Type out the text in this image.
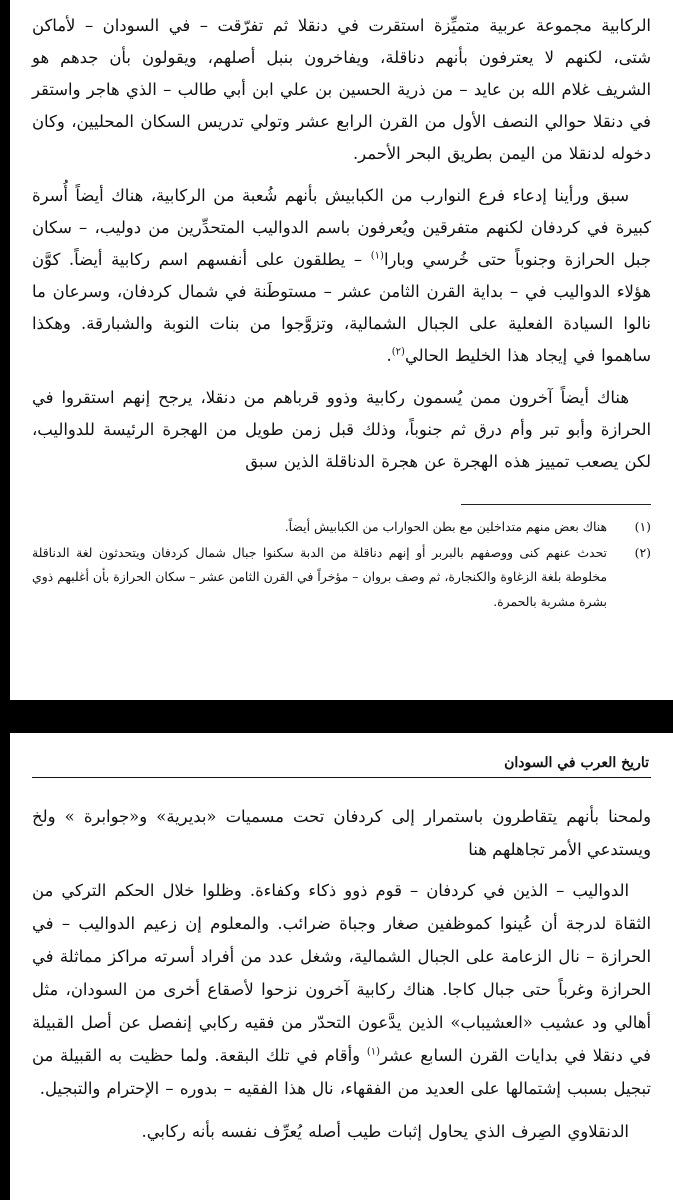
الركابية مجموعة عربية متميِّزة استقرت في دنقلا ثم تفرّقت – في السودان – لأماكن شتى، لكنهم لا يعترفون بأنهم دناقلة، ويفاخرون بنبل أصلهم، ويقولون بأن جدهم هو الشريف غلام الله بن عايد – من ذرية الحسين بن علي ابن أبي طالب – الذي هاجر واستقر في دنقلا حوالي النصف الأول من القرن الرابع عشر وتولي تدريس السكان المحليين، وكان دخوله لدنقلا من اليمن بطريق البحر الأحمر.

سبق ورأينا إدعاء فرع النوارب من الكبابيش بأنهم شُعبة من الركابية، هناك أيضاً أُسرة كبيرة في كردفان لكنهم متفرقين ويُعرفون باسم الدواليب المتحدِّرين من دوليب، – سكان جبل الحرازة وجنوباً حتى خُرسي وبارا$^{(١)}$ – يطلقون على أنفسهم اسم ركابية أيضاً. كوَّن هؤلاء الدواليب في – بداية القرن الثامن عشر – مستوطَنة في شمال كردفان، وسرعان ما نالوا السيادة الفعلية على الجبال الشمالية، وتزوَّجوا من بنات النوبة والشبارقة. وهكذا ساهموا في إيجاد هذا الخليط الحالي$^{(٢)}$.

هناك أيضاً آخرون ممن يُسمون ركابية وذوو قرباهم من دنقلا، يرجح إنهم استقروا في الحرازة وأبو تبر وأم درق ثم جنوباً، وذلك قبل زمن طويل من الهجرة الرئيسة للدواليب، لكن يصعب تمييز هذه الهجرة عن هجرة الدناقلة الذين سبق

(١)
هناك بعض منهم متداخلين مع بطن الحواراب من الكبابيش أيضاً.
(٢)
تحدث عنهم كنى ووصفهم بالبربر أو إنهم دناقلة من الدبة سكنوا جبال شمال كردفان ويتحدثون لغة الدناقلة مخلوطة بلغة الزغاوة والكنجارة، ثم وصف بروان – مؤخراً في القرن الثامن عشر – سكان الحرازة بأن أغلبهم ذوي بشرة مشربة بالحمرة.
تاريخ العرب في السودان

ولمحنا بأنهم يتقاطرون باستمرار إلى كردفان تحت مسميات «بديرية» و«جوابرة » ولخ ويستدعي الأمر تجاهلهم هنا

الدواليب – الذين في كردفان – قوم ذوو ذكاء وكفاءة. وظلوا خلال الحكم التركي من الثقاة لدرجة أن عُينوا كموظفين صغار وجباة ضرائب. والمعلوم إن زعيم الدواليب – في الحرازة – نال الزعامة على الجبال الشمالية، وشغل عدد من أفراد أسرته مراكز مماثلة في الحرازة وغرباً حتى جبال كاجا. هناك ركابية آخرون نزحوا لأصقاع أخرى من السودان، مثل أهالي ود عشيب «العشيباب» الذين يدَّعون التحدّر من فقيه ركابي إنفصل عن أصل القبيلة في دنقلا في بدايات القرن السابع عشر$^{(١)}$ وأقام في تلك البقعة. ولما حظيت به القبيلة من تبجيل بسبب إشتمالها على العديد من الفقهاء، نال هذا الفقيه – بدوره – الإحترام والتبجيل.

الدنقلاوي الصِرف الذي يحاول إثبات طيب أصله يُعرِّف نفسه بأنه ركابي.
